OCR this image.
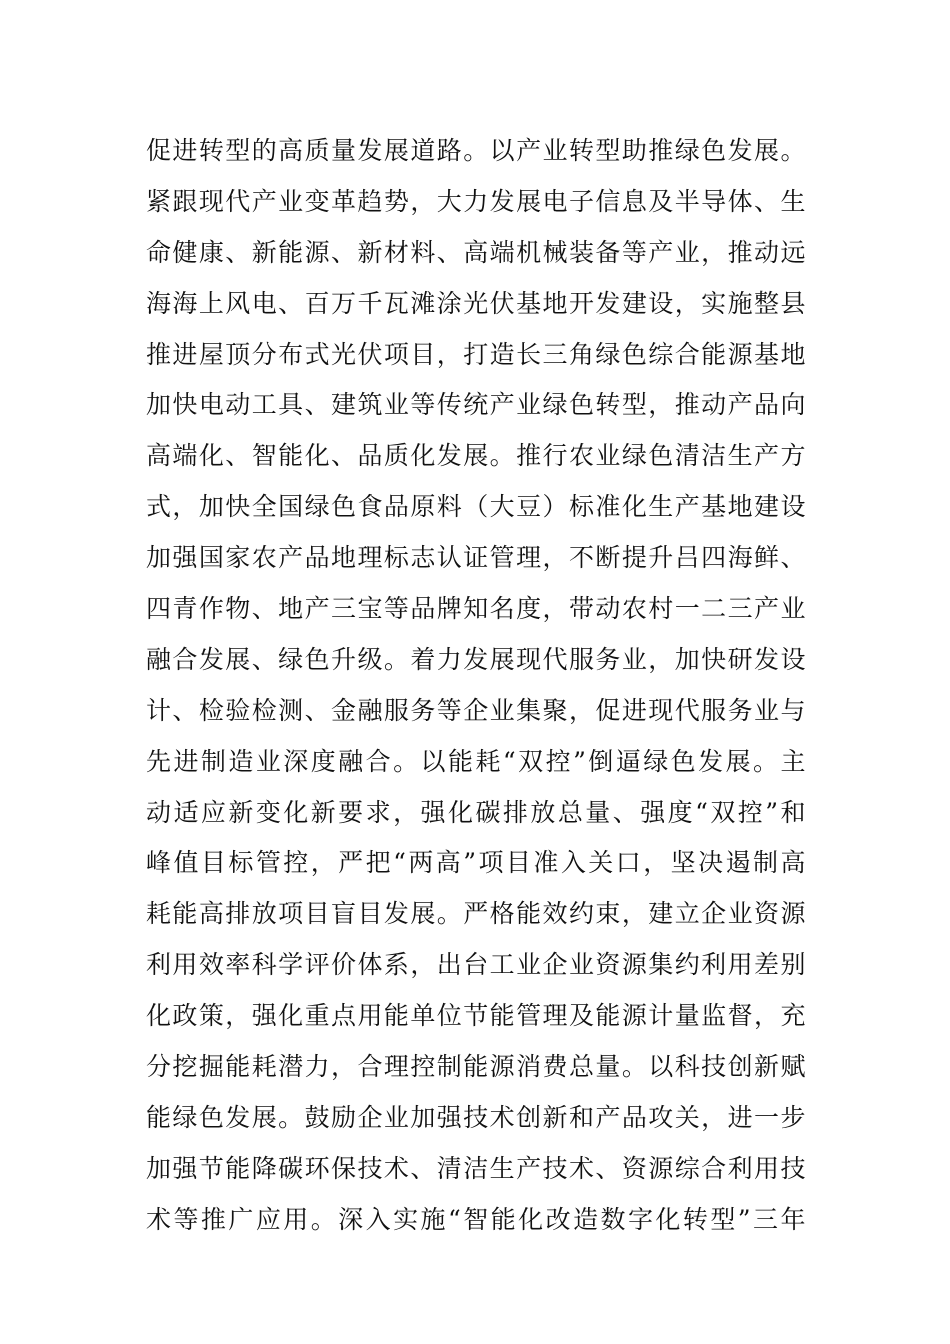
促进转型的高质量发展道路。以产业转型助推绿色发展。
紧跟现代产业变革趋势，大力发展电子信息及半导体、生
命健康、新能源、新材料、高端机械装备等产业，推动远
海海上风电、百万千瓦滩涂光伏基地开发建设，实施整县
推进屋顶分布式光伏项目，打造长三角绿色综合能源基地
加快电动工具、建筑业等传统产业绿色转型，推动产品向
高端化、智能化、品质化发展。推行农业绿色清洁生产方
式，加快全国绿色食品原料（大豆）标准化生产基地建设
加强国家农产品地理标志认证管理，不断提升吕四海鲜、
四青作物、地产三宝等品牌知名度，带动农村一二三产业
融合发展、绿色升级。着力发展现代服务业，加快研发设
计、检验检测、金融服务等企业集聚，促进现代服务业与
先进制造业深度融合。以能耗“双控”倒逼绿色发展。主
动适应新变化新要求，强化碳排放总量、强度“双控”和
峰值目标管控，严把“两高”项目准入关口，坚决遏制高
耗能高排放项目盲目发展。严格能效约束，建立企业资源
利用效率科学评价体系，出台工业企业资源集约利用差别
化政策，强化重点用能单位节能管理及能源计量监督，充
分挖掘能耗潜力，合理控制能源消费总量。以科技创新赋
能绿色发展。鼓励企业加强技术创新和产品攻关，进一步
加强节能降碳环保技术、清洁生产技术、资源综合利用技
术等推广应用。深入实施“智能化改造数字化转型”三年
